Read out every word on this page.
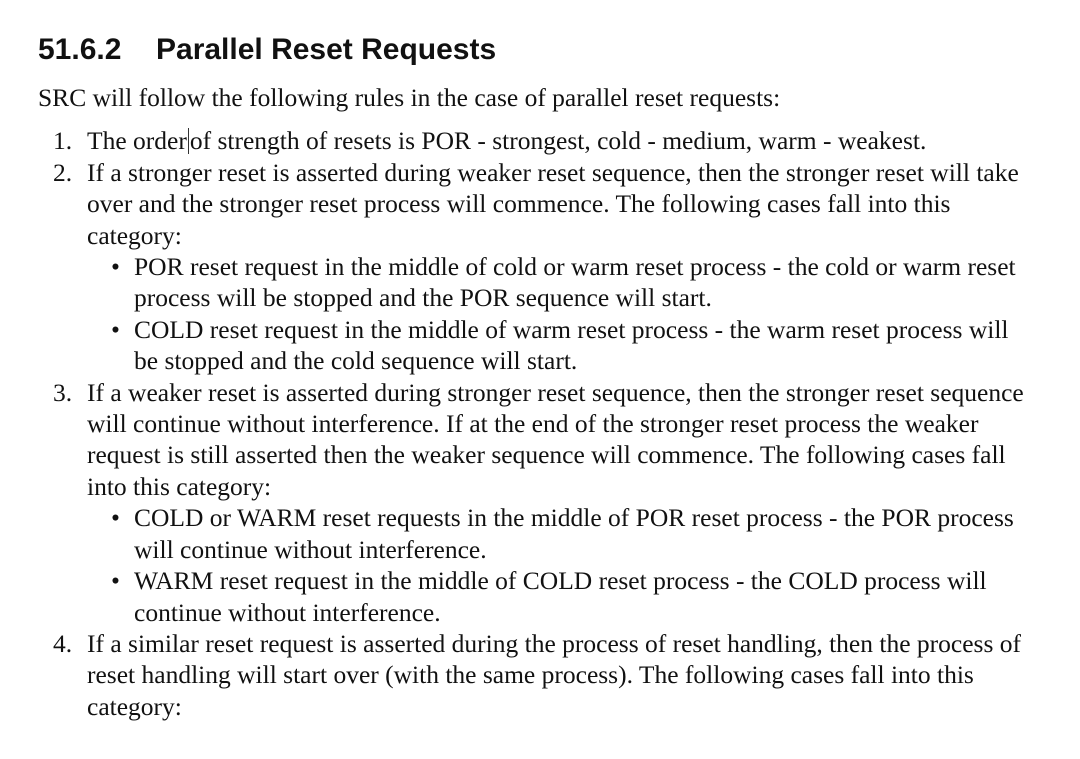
51.6.2 Parallel Reset Requests

SRC will follow the following rules in the case of parallel reset requests:

1. The order of strength of resets is POR - strongest, cold - medium, warm - weakest.
2. If a stronger reset is asserted during weaker reset sequence, then the stronger reset will take over and the stronger reset process will commence. The following cases fall into this category:
• POR reset request in the middle of cold or warm reset process - the cold or warm reset process will be stopped and the POR sequence will start.
• COLD reset request in the middle of warm reset process - the warm reset process will be stopped and the cold sequence will start.
3. If a weaker reset is asserted during stronger reset sequence, then the stronger reset sequence will continue without interference. If at the end of the stronger reset process the weaker request is still asserted then the weaker sequence will commence. The following cases fall into this category:
• COLD or WARM reset requests in the middle of POR reset process - the POR process will continue without interference.
• WARM reset request in the middle of COLD reset process - the COLD process will continue without interference.
4. If a similar reset request is asserted during the process of reset handling, then the process of reset handling will start over (with the same process). The following cases fall into this category:
